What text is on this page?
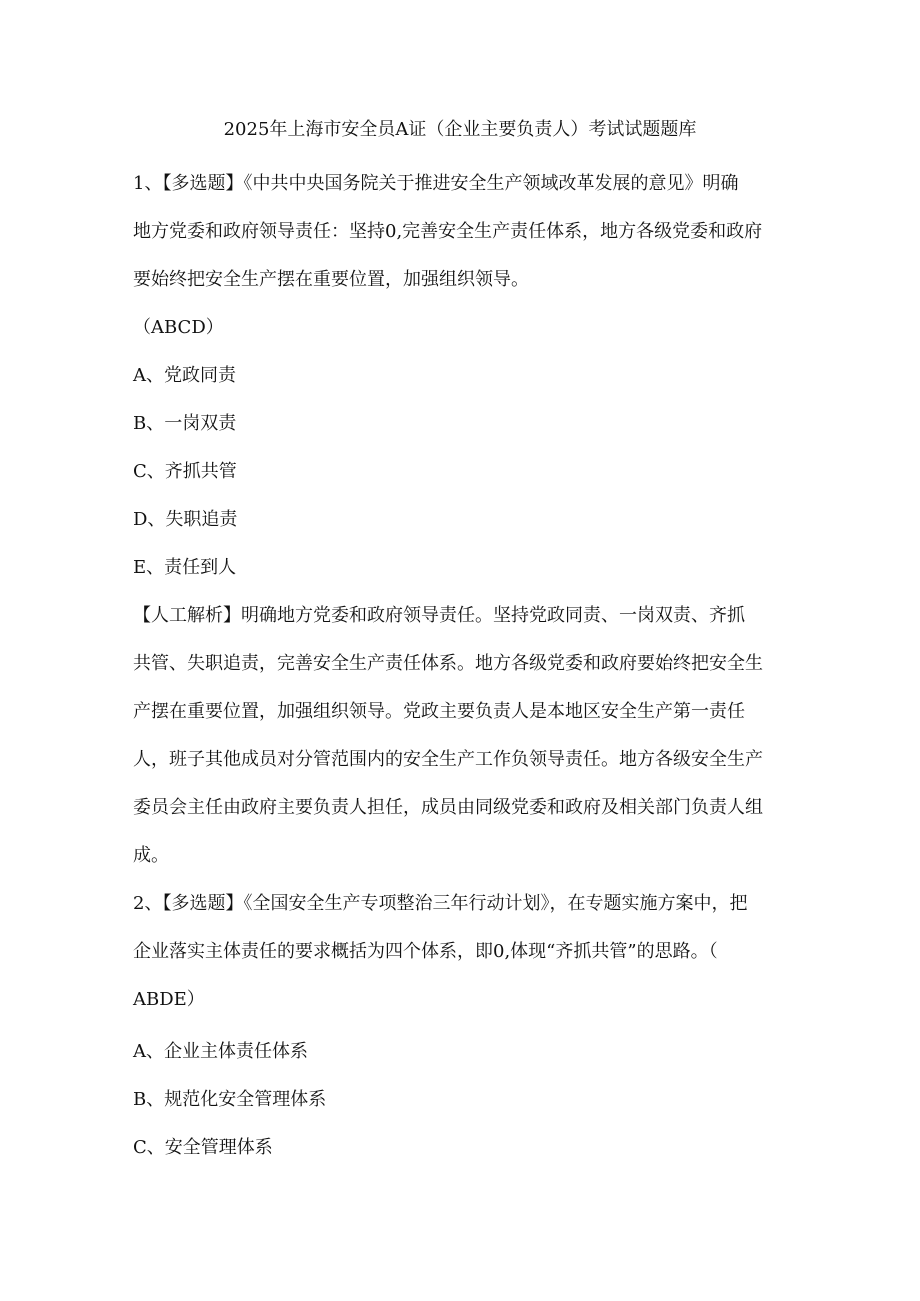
2025年上海市安全员A证（企业主要负责人）考试试题题库
1、【多选题】《中共中央国务院关于推进安全生产领域改革发展的意见》明确
地方党委和政府领导责任：坚持0,完善安全生产责任体系，地方各级党委和政府
要始终把安全生产摆在重要位置，加强组织领导。
（ABCD）
A、党政同责
B、一岗双责
C、齐抓共管
D、失职追责
E、责任到人
【人工解析】明确地方党委和政府领导责任。坚持党政同责、一岗双责、齐抓
共管、失职追责，完善安全生产责任体系。地方各级党委和政府要始终把安全生
产摆在重要位置，加强组织领导。党政主要负责人是本地区安全生产第一责任
人，班子其他成员对分管范围内的安全生产工作负领导责任。地方各级安全生产
委员会主任由政府主要负责人担任，成员由同级党委和政府及相关部门负责人组
成。
2、【多选题】《全国安全生产专项整治三年行动计划》，在专题实施方案中，把
企业落实主体责任的要求概括为四个体系，即0,体现“齐抓共管”的思路。（
ABDE）
A、企业主体责任体系
B、规范化安全管理体系
C、安全管理体系
